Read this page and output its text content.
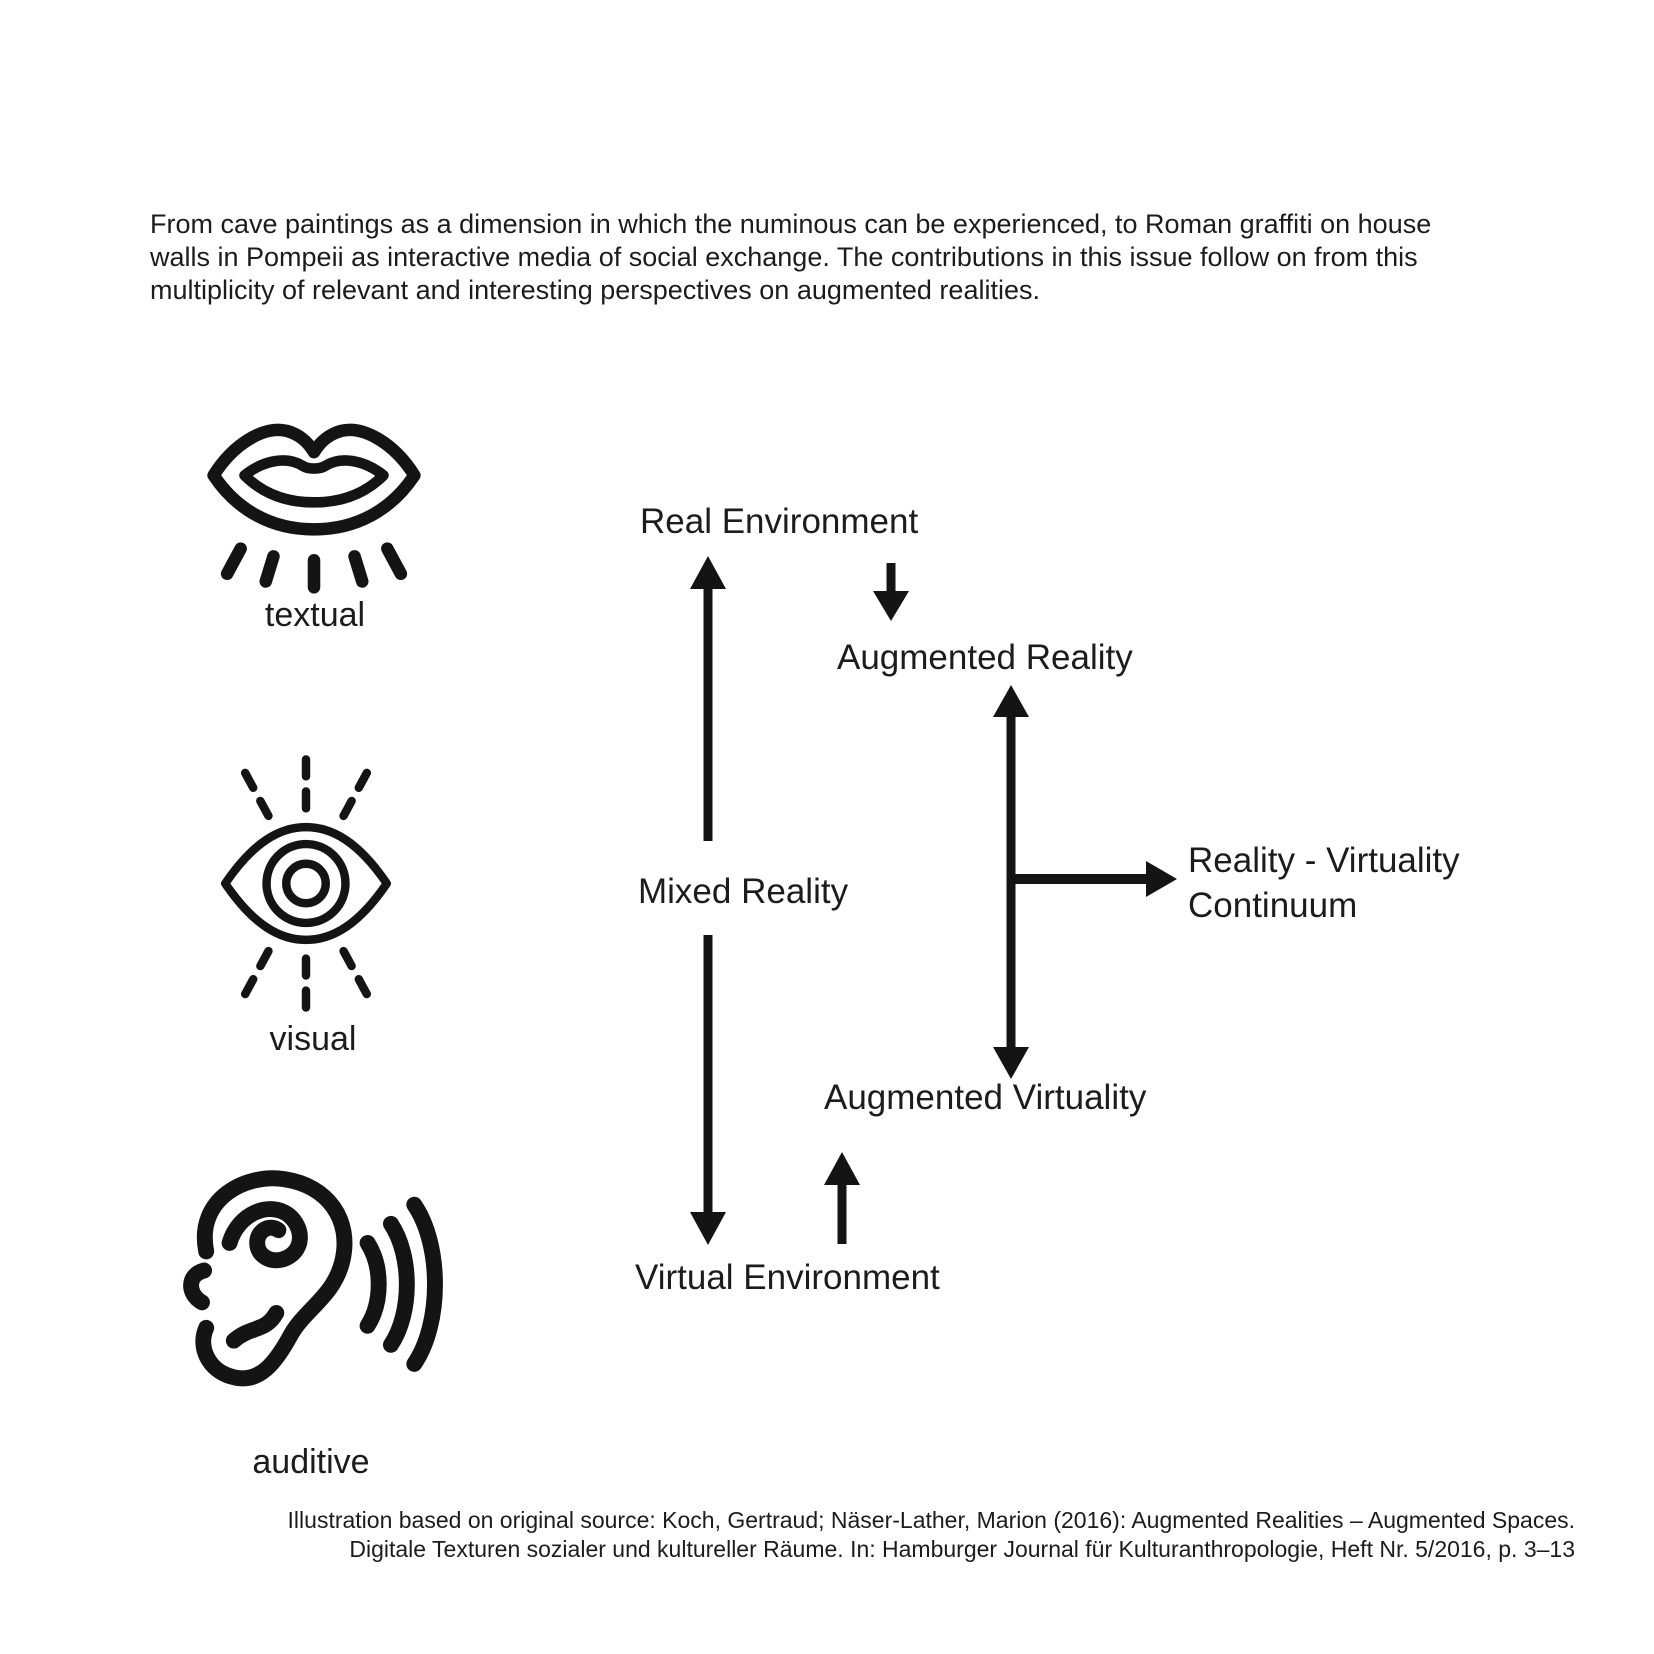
From cave paintings as a dimension in which the numinous can be experienced, to Roman graffiti on house
walls in Pompeii as interactive media of social exchange. The contributions in this issue follow on from this
multiplicity of relevant and interesting perspectives on augmented realities.
textual
visual
auditive
Real Environment
Augmented Reality
Mixed Reality
Reality - Virtuality
Continuum
Augmented Virtuality
Virtual Environment
Illustration based on original source: Koch, Gertraud; Näser-Lather, Marion (2016): Augmented Realities – Augmented Spaces.
Digitale Texturen sozialer und kultureller Räume. In: Hamburger Journal für Kulturanthropologie, Heft Nr. 5/2016, p. 3–13
